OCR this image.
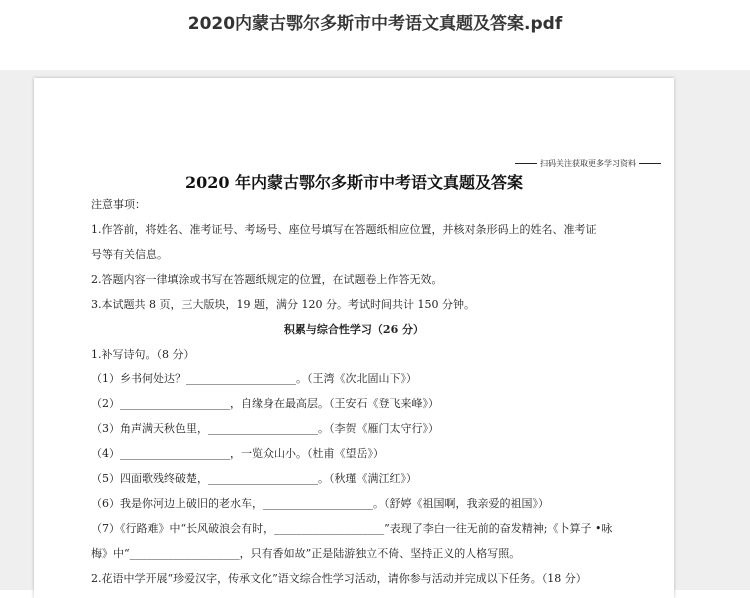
2020内蒙古鄂尔多斯市中考语文真题及答案.pdf
扫码关注获取更多学习资料
2020 年内蒙古鄂尔多斯市中考语文真题及答案
注意事项：
1.作答前，将姓名、准考证号、考场号、座位号填写在答题纸相应位置，并核对条形码上的姓名、准考证
号等有关信息。
2.答题内容一律填涂或书写在答题纸规定的位置，在试题卷上作答无效。
3.本试题共 8 页，三大版块，19 题，满分 120 分。考试时间共计 150 分钟。
积累与综合性学习（26 分）
1.补写诗句。（8 分）
（1）乡书何处达？____________________。（王湾《次北固山下》）
（2）____________________，自缘身在最高层。（王安石《登飞来峰》）
（3）角声满天秋色里，____________________。（李贺《雁门太守行》）
（4）____________________，一览众山小。（杜甫《望岳》）
（5）四面歌残终破楚，____________________。（秋瑾《满江红》）
（6）我是你河边上破旧的老水车，____________________。（舒婷《祖国啊，我亲爱的祖国》）
（7）《行路难》中“长风破浪会有时，____________________”表现了李白一往无前的奋发精神;《卜算子 •咏
梅》中“____________________，只有香如故”正是陆游独立不倚、坚持正义的人格写照。
2.花语中学开展“珍爱汉字，传承文化”语文综合性学习活动，请你参与活动并完成以下任务。（18 分）
